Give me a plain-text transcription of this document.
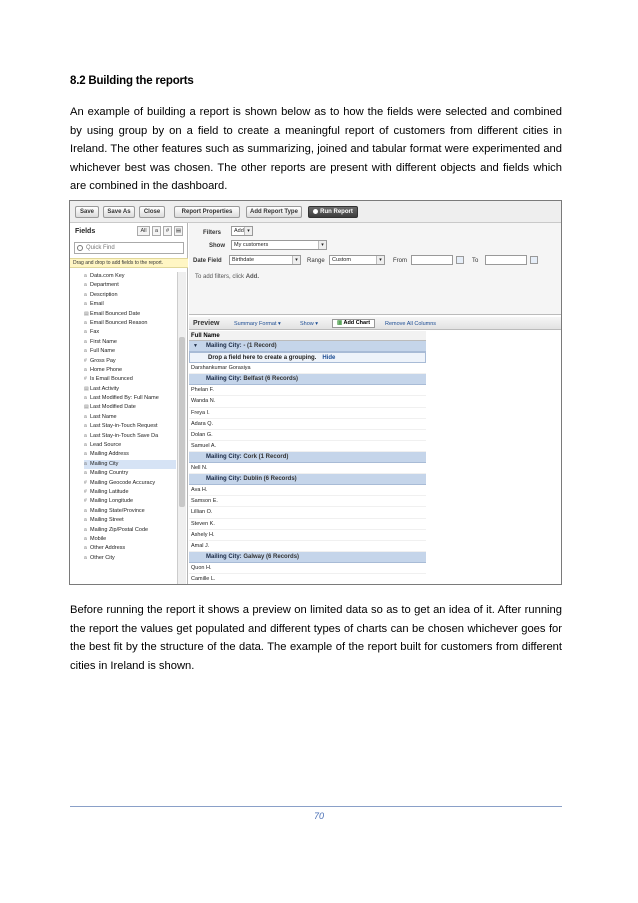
8.2 Building the reports
An example of building a report is shown below as to how the fields were selected and combined by using group by on a field to create a meaningful report of customers from different cities in Ireland. The other features such as summarizing, joined and tabular format were experimented and whichever best was chosen. The other reports are present with different objects and fields which are combined in the dashboard.
Save	Save As	Close	Report Properties	Add Report Type	Run Report
Fields	All	a	#	▤
Quick Find
Drag and drop to add fields to the report.
a Data.com Key
a Department
a Description
a Email
▤Email Bounced Date
a Email Bounced Reason
a Fax
a First Name
a Full Name
# Gross Pay
a Home Phone
# Is Email Bounced
▤Last Activity
a Last Modified By: Full Name
▤Last Modified Date
a Last Name
a Last Stay-in-Touch Request
a Last Stay-in-Touch Save Da
a Lead Source
a Mailing Address
a Mailing City
a Mailing Country
# Mailing Geocode Accuracy
# Mailing Latitude
# Mailing Longitude
a Mailing State/Province
a Mailing Street
a Mailing Zip/Postal Code
a Mobile
a Other Address
a Other City
Filters	Add ▾
Show	My customers	▾
Date Field	Birthdate	▾	Range	Custom	▾	From	To
To add filters, click Add.
Preview	Summary Format ▾	Show ▾	▥ Add Chart	Remove All Columns
Full Name
▼ Mailing City: - (1 Record)
Drop a field here to create a grouping. Hide
Darshankumar Gorasiya
Mailing City: Belfast (6 Records)
Phelan F.
Wanda N.
Freya I.
Adara Q.
Dolan G.
Samuel A.
Mailing City: Cork (1 Record)
Nell N.
Mailing City: Dublin (6 Records)
Ava H.
Samson E.
Lillian O.
Steven K.
Ashely H.
Amal J.
Mailing City: Galway (6 Records)
Quon H.
Camille L.
Before running the report it shows a preview on limited data so as to get an idea of it. After running the report the values get populated and different types of charts can be chosen whichever goes for the best fit by the structure of the data. The example of the report built for customers from different cities in Ireland is shown.
70
